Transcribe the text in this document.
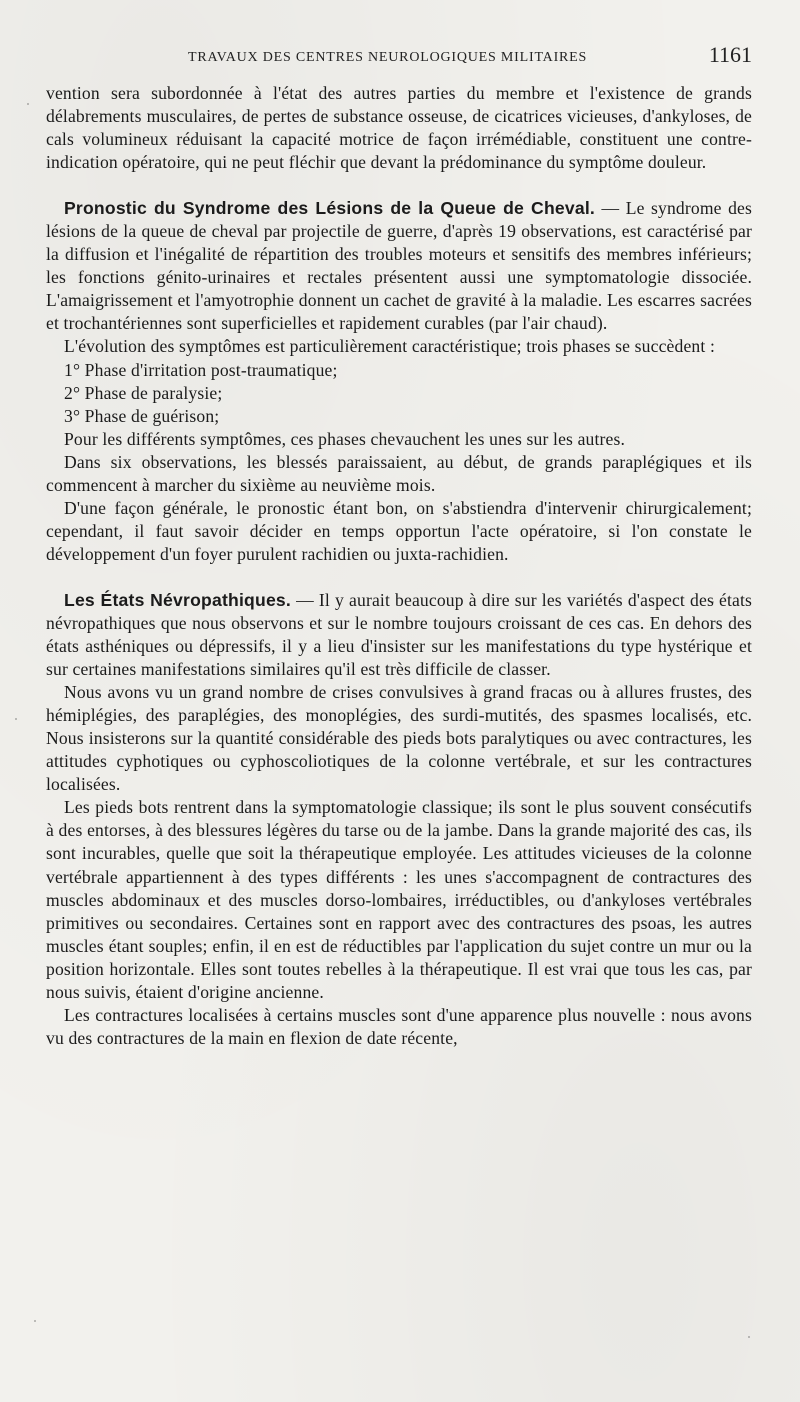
TRAVAUX DES CENTRES NEUROLOGIQUES MILITAIRES	1161

vention sera subordonnée à l'état des autres parties du membre et l'existence de grands délabrements musculaires, de pertes de substance osseuse, de cicatrices vicieuses, d'ankyloses, de cals volumineux réduisant la capacité motrice de façon irrémédiable, constituent une contre-indication opératoire, qui ne peut fléchir que devant la prédominance du symptôme douleur.

Pronostic du Syndrome des Lésions de la Queue de Cheval. — Le syndrome des lésions de la queue de cheval par projectile de guerre, d'après 19 observations, est caractérisé par la diffusion et l'inégalité de répartition des troubles moteurs et sensitifs des membres inférieurs; les fonctions génito-urinaires et rectales présentent aussi une symptomatologie dissociée. L'amaigrissement et l'amyotrophie donnent un cachet de gravité à la maladie. Les escarres sacrées et trochantériennes sont superficielles et rapidement curables (par l'air chaud).

L'évolution des symptômes est particulièrement caractéristique; trois phases se succèdent :

1° Phase d'irritation post-traumatique;

2° Phase de paralysie;

3° Phase de guérison;

Pour les différents symptômes, ces phases chevauchent les unes sur les autres.

Dans six observations, les blessés paraissaient, au début, de grands paraplégiques et ils commencent à marcher du sixième au neuvième mois.

D'une façon générale, le pronostic étant bon, on s'abstiendra d'intervenir chirurgicalement; cependant, il faut savoir décider en temps opportun l'acte opératoire, si l'on constate le développement d'un foyer purulent rachidien ou juxta-rachidien.

Les États Névropathiques. — Il y aurait beaucoup à dire sur les variétés d'aspect des états névropathiques que nous observons et sur le nombre toujours croissant de ces cas. En dehors des états asthéniques ou dépressifs, il y a lieu d'insister sur les manifestations du type hystérique et sur certaines manifestations similaires qu'il est très difficile de classer.

Nous avons vu un grand nombre de crises convulsives à grand fracas ou à allures frustes, des hémiplégies, des paraplégies, des monoplégies, des surdi-mutités, des spasmes localisés, etc. Nous insisterons sur la quantité considérable des pieds bots paralytiques ou avec contractures, les attitudes cyphotiques ou cyphoscoliotiques de la colonne vertébrale, et sur les contractures localisées.

Les pieds bots rentrent dans la symptomatologie classique; ils sont le plus souvent consécutifs à des entorses, à des blessures légères du tarse ou de la jambe. Dans la grande majorité des cas, ils sont incurables, quelle que soit la thérapeutique employée. Les attitudes vicieuses de la colonne vertébrale appartiennent à des types différents : les unes s'accompagnent de contractures des muscles abdominaux et des muscles dorso-lombaires, irréductibles, ou d'ankyloses vertébrales primitives ou secondaires. Certaines sont en rapport avec des contractures des psoas, les autres muscles étant souples; enfin, il en est de réductibles par l'application du sujet contre un mur ou la position horizontale. Elles sont toutes rebelles à la thérapeutique. Il est vrai que tous les cas, par nous suivis, étaient d'origine ancienne.

Les contractures localisées à certains muscles sont d'une apparence plus nouvelle : nous avons vu des contractures de la main en flexion de date récente,
